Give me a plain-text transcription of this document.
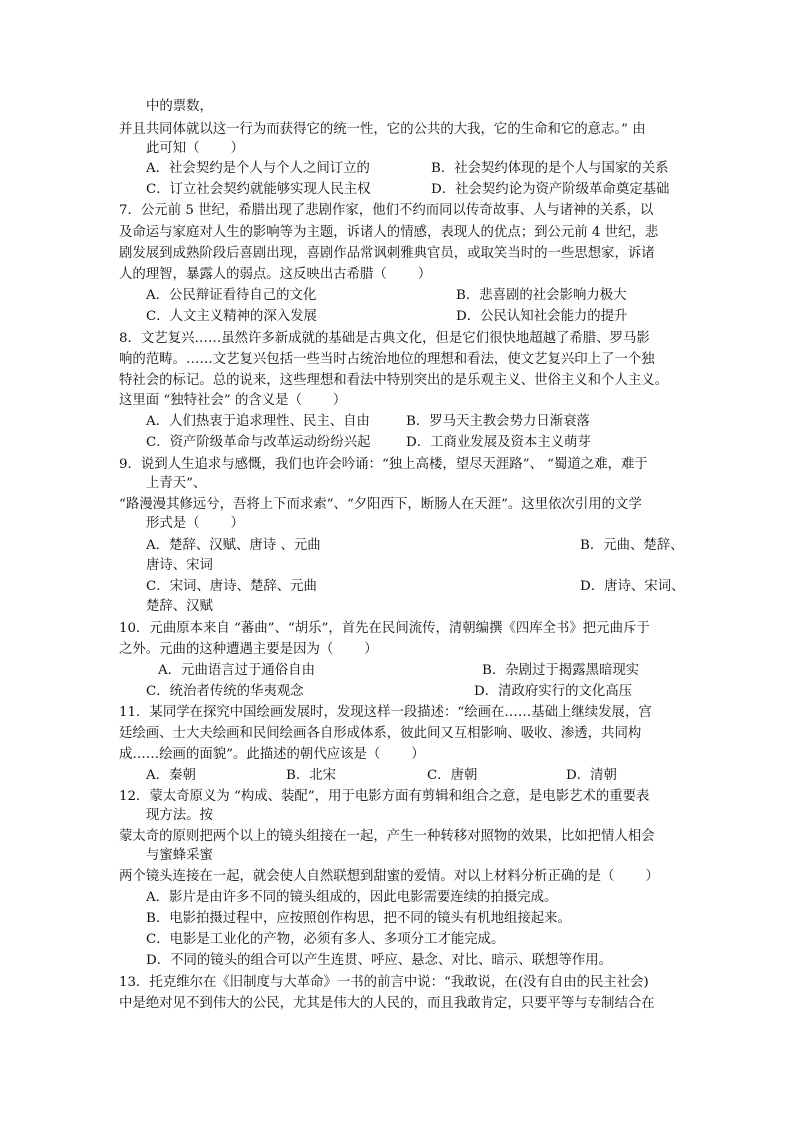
中的票数，
并且共同体就以这一行为而获得它的统一性，它的公共的大我，它的生命和它的意志。” 由
此可知（ 　　）
A．社会契约是个人与个人之间订立的	B．社会契约体现的是个人与国家的关系
C．订立社会契约就能够实现人民主权	D．社会契约论为资产阶级革命奠定基础
7．公元前 5 世纪，希腊出现了悲剧作家，他们不约而同以传奇故事、人与诸神的关系，以
及命运与家庭对人生的影响等为主题，诉诸人的情感，表现人的优点；到公元前 4 世纪，悲
剧发展到成熟阶段后喜剧出现，喜剧作品常讽刺雅典官员，或取笑当时的一些思想家，诉诸
人的理智，暴露人的弱点。这反映出古希腊（ 　　）
A．公民辩证看待自己的文化	B．悲喜剧的社会影响力极大
C．人文主义精神的深入发展	D．公民认知社会能力的提升
8．文艺复兴……虽然许多新成就的基础是古典文化，但是它们很快地超越了希腊、罗马影
响的范畴。……文艺复兴包括一些当时占统治地位的理想和看法，使文艺复兴印上了一个独
特社会的标记。总的说来，这些理想和看法中特别突出的是乐观主义、世俗主义和个人主义。
这里面 “独特社会” 的含义是（ 　　）
A．人们热衷于追求理性、民主、自由	B．罗马天主教会势力日渐衰落
C．资产阶级革命与改革运动纷纷兴起	D．工商业发展及资本主义萌芽
9．说到人生追求与感慨，我们也许会吟诵：“独上高楼，望尽天涯路”、 “蜀道之难，难于
上青天”、
“路漫漫其修远兮，吾将上下而求索”、“夕阳西下，断肠人在天涯”。这里依次引用的文学
形式是（ 　　）
A．楚辞、汉赋、唐诗 、元曲	B．元曲、楚辞、
唐诗、宋词
C．宋词、唐诗、楚辞、元曲	D．唐诗、宋词、
楚辞、汉赋
10．元曲原本来自 “蕃曲”、“胡乐”，首先在民间流传，清朝编撰《四库全书》把元曲斥于
之外。元曲的这种遭遇主要是因为（ 　　）
A．元曲语言过于通俗自由	B．杂剧过于揭露黑暗现实
C．统治者传统的华夷观念	D．清政府实行的文化高压
11．某同学在探究中国绘画发展时，发现这样一段描述：“绘画在……基础上继续发展，宫
廷绘画、士大夫绘画和民间绘画各自形成体系，彼此间又互相影响、吸收、渗透，共同构
成……绘画的面貌”。此描述的朝代应该是（ 　　）
A．秦朝	B．北宋	C．唐朝	D．清朝
12．蒙太奇原义为 “构成、装配”，用于电影方面有剪辑和组合之意，是电影艺术的重要表
现方法。按
蒙太奇的原则把两个以上的镜头组接在一起，产生一种转移对照物的效果，比如把情人相会
与蜜蜂采蜜
两个镜头连接在一起，就会使人自然联想到甜蜜的爱情。对以上材料分析正确的是（ 　　）
A．影片是由许多不同的镜头组成的，因此电影需要连续的拍摄完成。
B．电影拍摄过程中，应按照创作构思，把不同的镜头有机地组接起来。
C．电影是工业化的产物，必须有多人、多项分工才能完成。
D．不同的镜头的组合可以产生连贯、呼应、悬念、对比、暗示、联想等作用。
13．托克维尔在《旧制度与大革命》一书的前言中说：“我敢说，在(没有自由的民主社会)
中是绝对见不到伟大的公民，尤其是伟大的人民的，而且我敢肯定，只要平等与专制结合在
